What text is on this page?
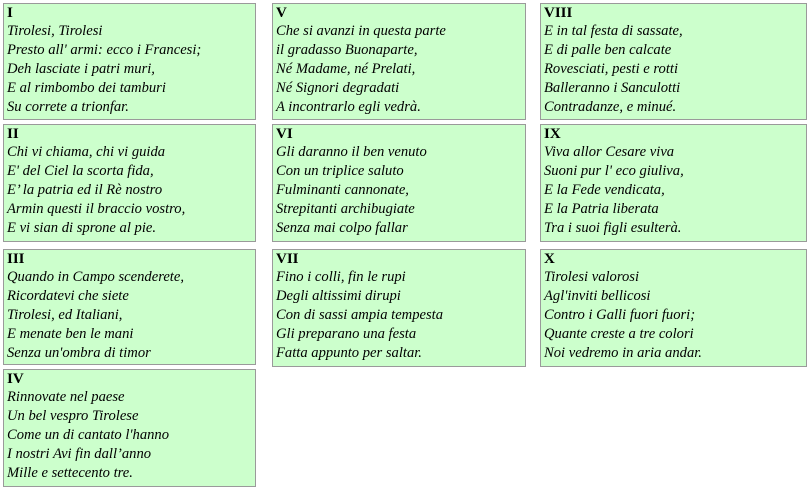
I
Tirolesi, Tirolesi
Presto all' armi: ecco i Francesi;
Deh lasciate i patri muri,
E al rimbombo dei tamburi
Su correte a trionfar.
II
Chi vi chiama, chi vi guida
E' del Ciel la scorta fida,
E’ la patria ed il Rè nostro
Armin questi il braccio vostro,
E vi sian di sprone al pie.
III
Quando in Campo scenderete,
Ricordatevi che siete
Tirolesi, ed Italiani,
E menate ben le mani
Senza un'ombra di timor
IV
Rinnovate nel paese
Un bel vespro Tirolese
Come un di cantato l'hanno
I nostri Avi fin dall’anno
Mille e settecento tre.
V
Che si avanzi in questa parte
il gradasso Buonaparte,
Né Madame, né Prelati,
Né Signori degradati
A incontrarlo egli vedrà.
VI
Gli daranno il ben venuto
Con un triplice saluto
Fulminanti cannonate,
Strepitanti archibugiate
Senza mai colpo fallar
VII
Fino i colli, fin le rupi
Degli altissimi dirupi
Con di sassi ampia tempesta
Gli preparano una festa
Fatta appunto per saltar.
VIII
E in tal festa di sassate,
E di palle ben calcate
Rovesciati, pesti e rotti
Balleranno i Sanculotti
Contradanze, e minué.
IX
Viva allor Cesare viva
Suoni pur l' eco giuliva,
E la Fede vendicata,
E la Patria liberata
Tra i suoi figli esulterà.
X
Tirolesi valorosi
Agl'inviti bellicosi
Contro i Galli fuori fuori;
Quante creste a tre colori
Noi vedremo in aria andar.
